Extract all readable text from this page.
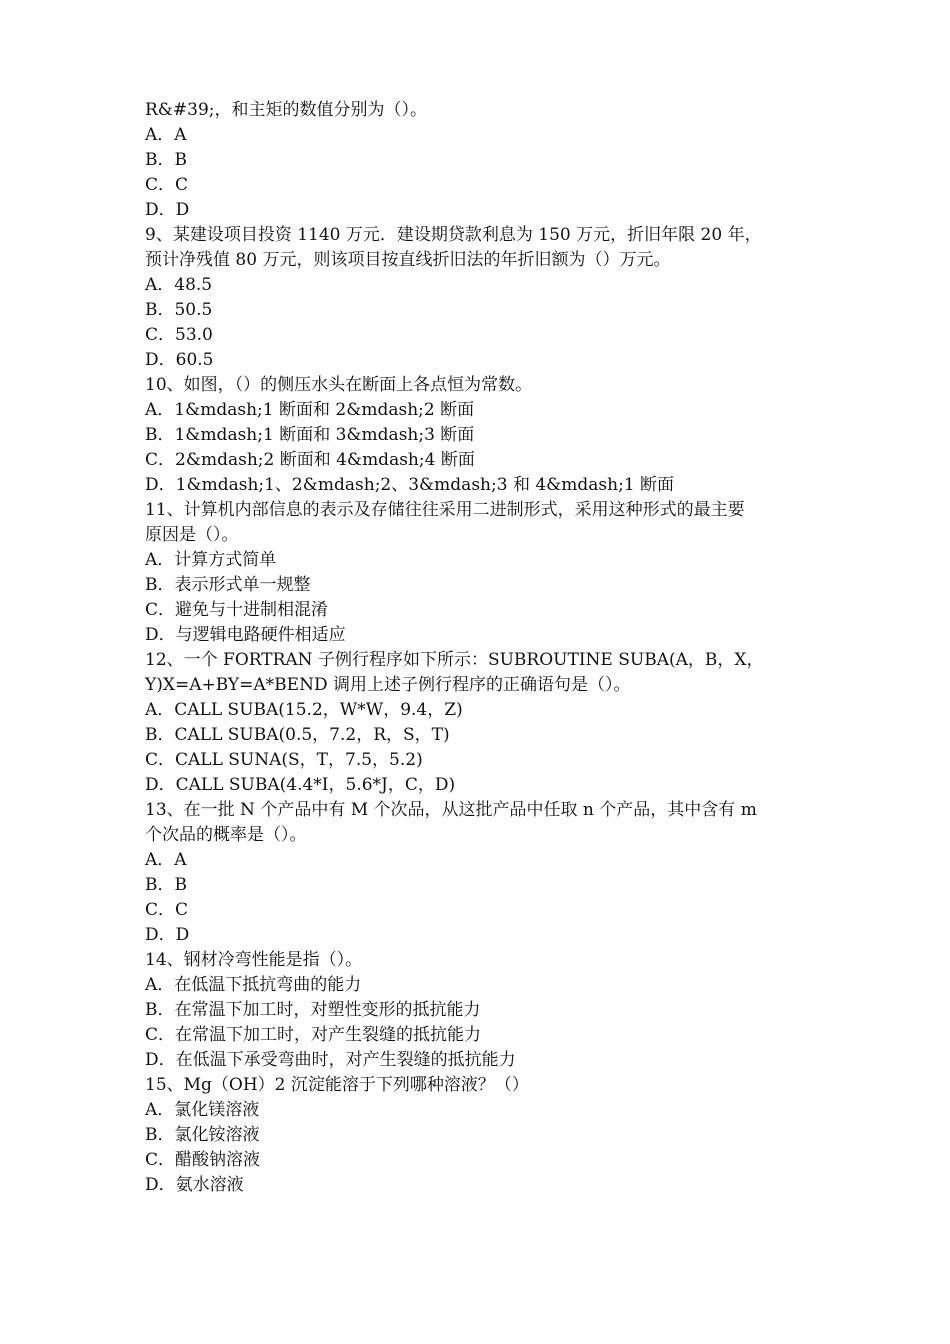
R&#39;，和主矩的数值分别为（）。
A．A
B．B
C．C
D．D
9、某建设项目投资 1140 万元．建设期贷款利息为 150 万元，折旧年限 20 年，
预计净残值 80 万元，则该项目按直线折旧法的年折旧额为（）万元。
A．48.5
B．50.5
C．53.0
D．60.5
10、如图，（）的侧压水头在断面上各点恒为常数。
A．1&mdash;1 断面和 2&mdash;2 断面
B．1&mdash;1 断面和 3&mdash;3 断面
C．2&mdash;2 断面和 4&mdash;4 断面
D．1&mdash;1、2&mdash;2、3&mdash;3 和 4&mdash;1 断面
11、计算机内部信息的表示及存储往往采用二进制形式，采用这种形式的最主要
原因是（）。
A．计算方式简单
B．表示形式单一规整
C．避免与十进制相混淆
D．与逻辑电路硬件相适应
12、一个 FORTRAN 子例行程序如下所示：SUBROUTINE SUBA(A，B，X，
Y)X=A+BY=A*BEND 调用上述子例行程序的正确语句是（）。
A．CALL SUBA(15.2，W*W，9.4，Z)
B．CALL SUBA(0.5，7.2，R，S，T)
C．CALL SUNA(S，T，7.5，5.2)
D．CALL SUBA(4.4*I，5.6*J，C，D)
13、在一批 N 个产品中有 M 个次品，从这批产品中任取 n 个产品，其中含有 m
个次品的概率是（）。
A．A
B．B
C．C
D．D
14、钢材冷弯性能是指（）。
A．在低温下抵抗弯曲的能力
B．在常温下加工时，对塑性变形的抵抗能力
C．在常温下加工时，对产生裂缝的抵抗能力
D．在低温下承受弯曲时，对产生裂缝的抵抗能力
15、Mg（OH）2 沉淀能溶于下列哪种溶液？（）
A．氯化镁溶液
B．氯化铵溶液
C．醋酸钠溶液
D．氨水溶液
